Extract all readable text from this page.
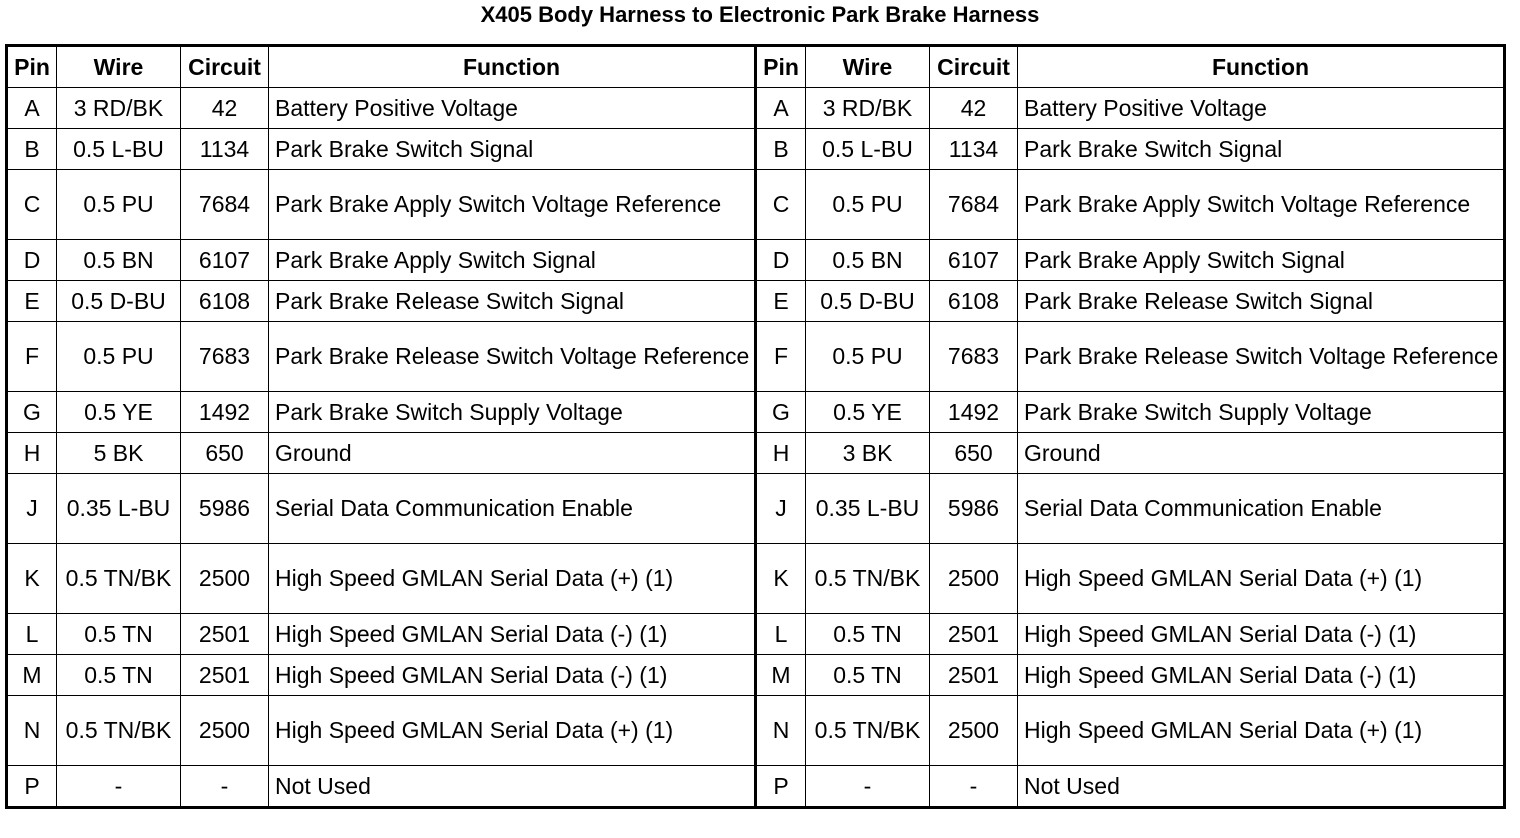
X405 Body Harness to Electronic Park Brake Harness
Pin	Wire	Circuit	Function	Pin	Wire	Circuit	Function
A	3 RD/BK	42	Battery Positive Voltage	A	3 RD/BK	42	Battery Positive Voltage
B	0.5 L-BU	1134	Park Brake Switch Signal	B	0.5 L-BU	1134	Park Brake Switch Signal
C	0.5 PU	7684	Park Brake Apply Switch Voltage Reference	C	0.5 PU	7684	Park Brake Apply Switch Voltage Reference
D	0.5 BN	6107	Park Brake Apply Switch Signal	D	0.5 BN	6107	Park Brake Apply Switch Signal
E	0.5 D-BU	6108	Park Brake Release Switch Signal	E	0.5 D-BU	6108	Park Brake Release Switch Signal
F	0.5 PU	7683	Park Brake Release Switch Voltage Reference	F	0.5 PU	7683	Park Brake Release Switch Voltage Reference
G	0.5 YE	1492	Park Brake Switch Supply Voltage	G	0.5 YE	1492	Park Brake Switch Supply Voltage
H	5 BK	650	Ground	H	3 BK	650	Ground
J	0.35 L-BU	5986	Serial Data Communication Enable	J	0.35 L-BU	5986	Serial Data Communication Enable
K	0.5 TN/BK	2500	High Speed GMLAN Serial Data (+) (1)	K	0.5 TN/BK	2500	High Speed GMLAN Serial Data (+) (1)
L	0.5 TN	2501	High Speed GMLAN Serial Data (-) (1)	L	0.5 TN	2501	High Speed GMLAN Serial Data (-) (1)
M	0.5 TN	2501	High Speed GMLAN Serial Data (-) (1)	M	0.5 TN	2501	High Speed GMLAN Serial Data (-) (1)
N	0.5 TN/BK	2500	High Speed GMLAN Serial Data (+) (1)	N	0.5 TN/BK	2500	High Speed GMLAN Serial Data (+) (1)
P	-	-	Not Used	P	-	-	Not Used
